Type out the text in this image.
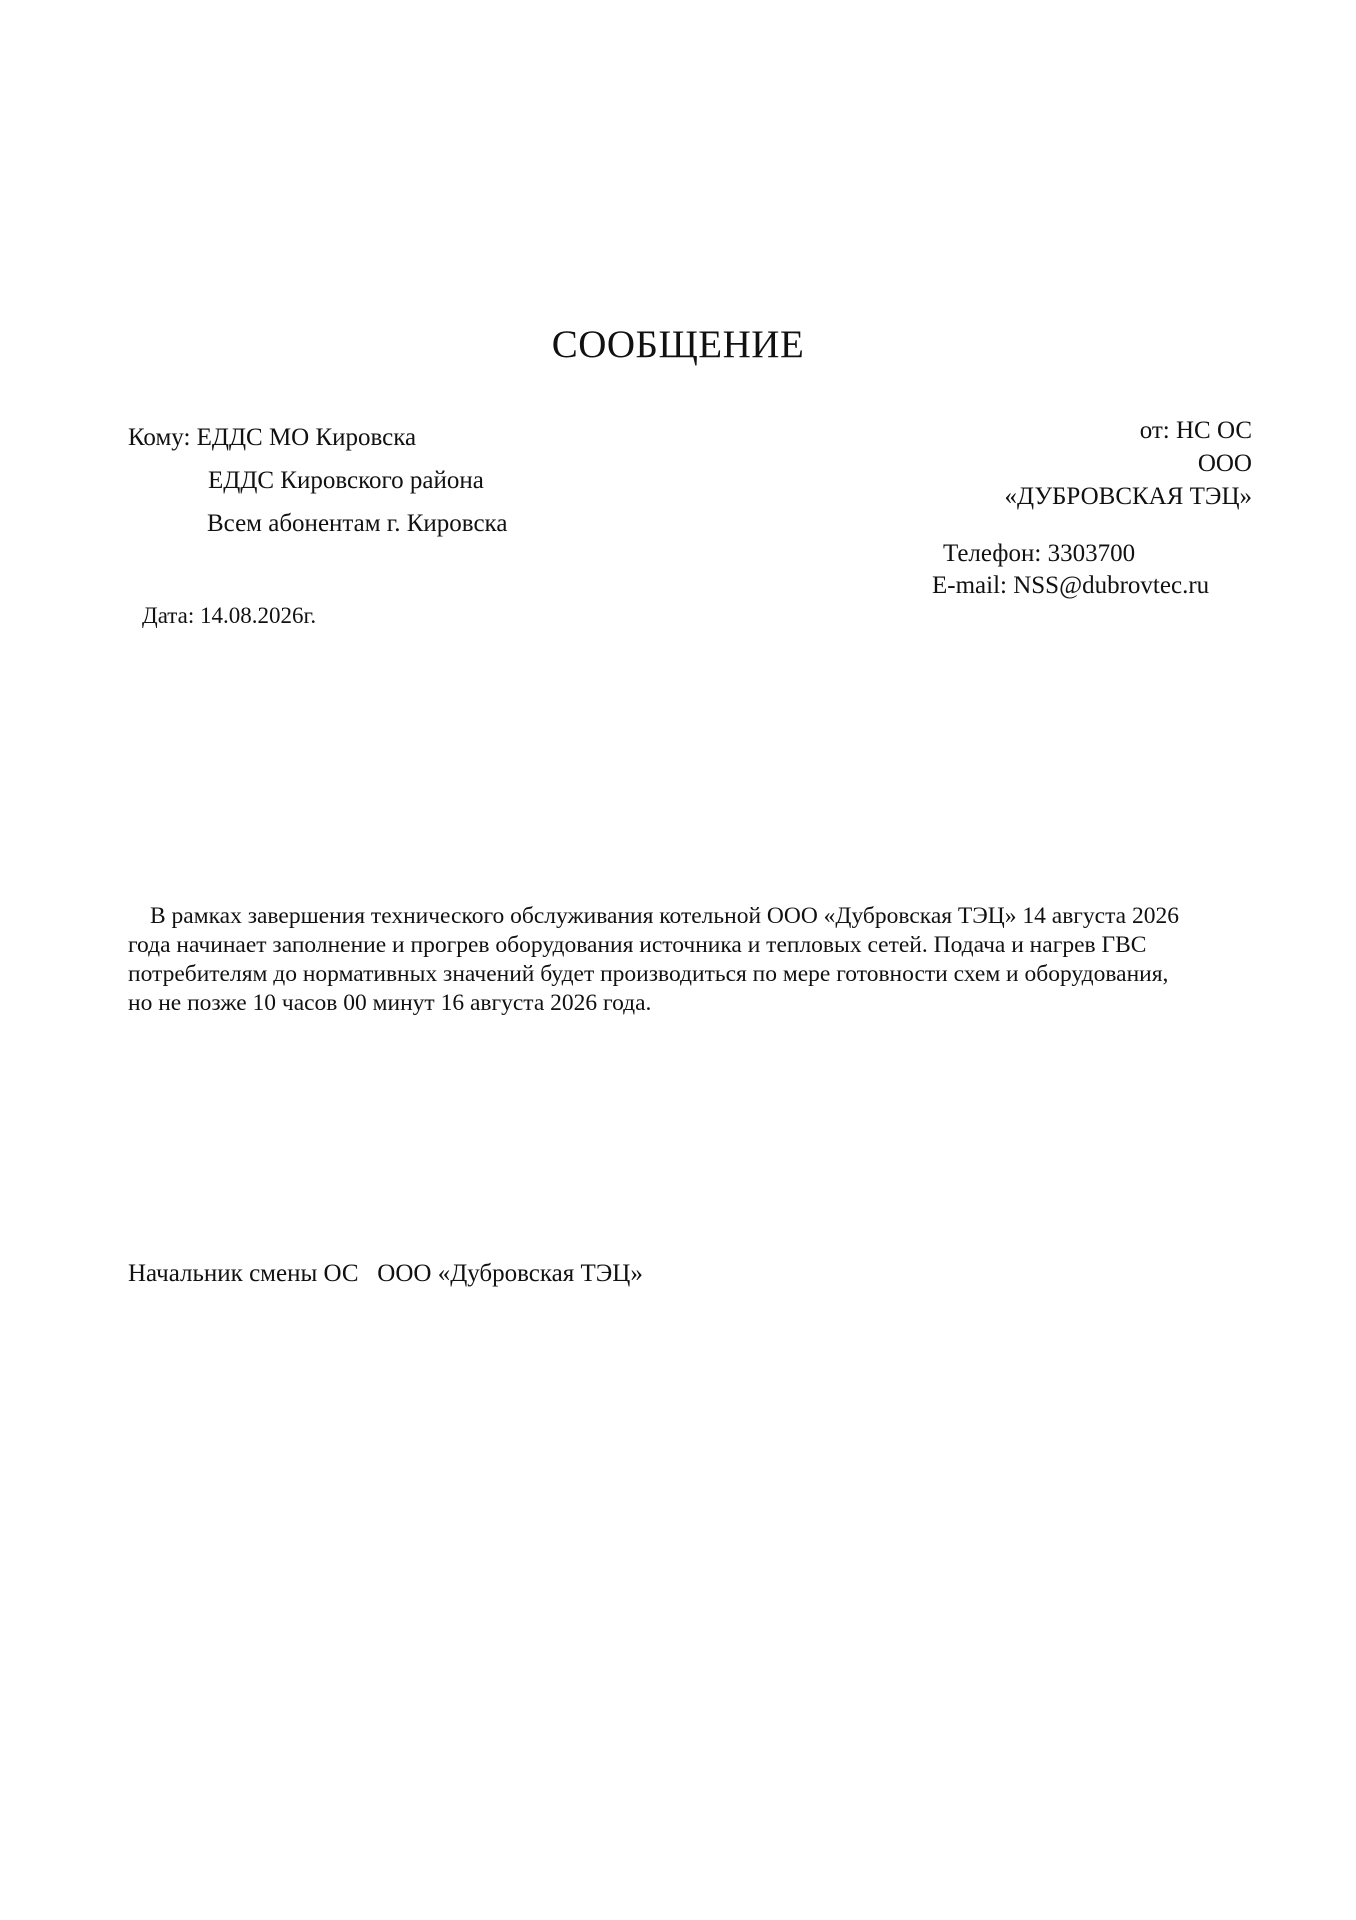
СООБЩЕНИЕ
Кому: ЕДДС МО Кировска
ЕДДС Кировского района
Всем абонентам г. Кировска
от: НС ОС
ООО
«ДУБРОВСКАЯ ТЭЦ»
Телефон: 3303700
E-mail: NSS@dubrovtec.ru
Дата: 14.08.2026г.
В рамках завершения технического обслуживания котельной ООО «Дубровская ТЭЦ» 14 августа 2026
года начинает заполнение и прогрев оборудования источника и тепловых сетей. Подача и нагрев ГВС
потребителям до нормативных значений будет производиться по мере готовности схем и оборудования,
но не позже 10 часов 00 минут 16 августа 2026 года.
Начальник смены ОС   ООО «Дубровская ТЭЦ»
